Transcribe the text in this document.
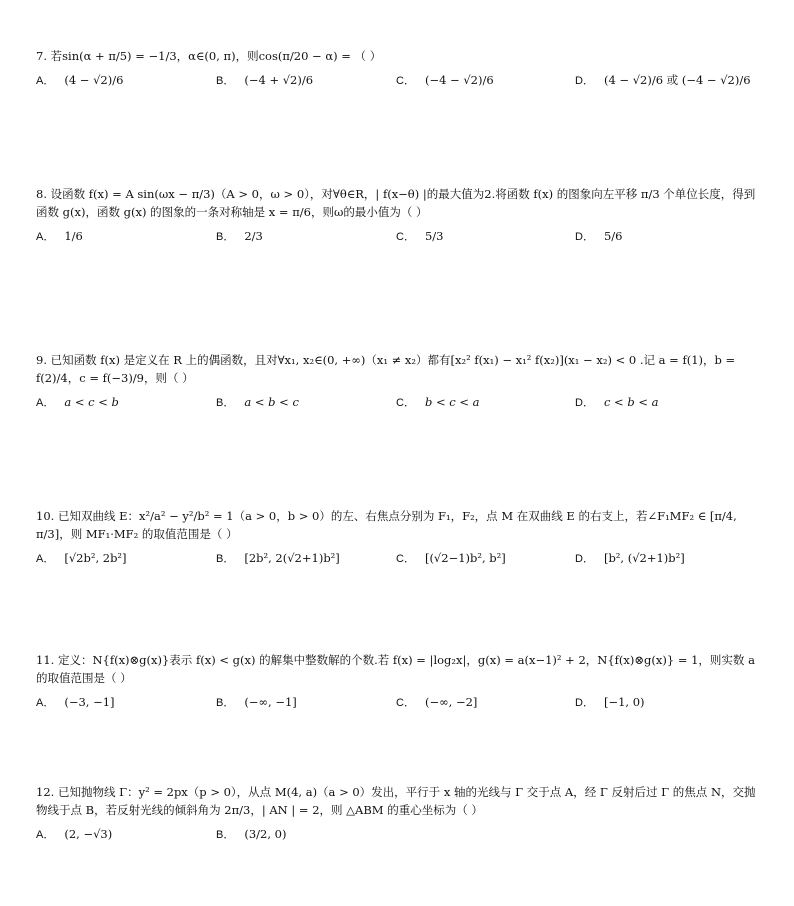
7. 若sin(α + π/5) = −1/3，α∈(0, π)，则cos(π/20 − α) = （ ）

A． (4 − √2)/6	B． (−4 + √2)/6	C． (−4 − √2)/6	D． (4 − √2)/6 或 (−4 − √2)/6

8. 设函数 f(x) = A sin(ωx − π/3)（A > 0，ω > 0），对∀θ∈R，| f(x−θ) |的最大值为2.将函数 f(x) 的图象向左平移 π/3 个单位长度，得到函数 g(x)，函数 g(x) 的图象的一条对称轴是 x = π/6，则ω的最小值为（ ）

A． 1/6	B． 2/3	C． 5/3	D． 5/6

9. 已知函数 f(x) 是定义在 R 上的偶函数，且对∀x₁, x₂∈(0, +∞)（x₁ ≠ x₂）都有[x₂² f(x₁) − x₁² f(x₂)](x₁ − x₂) < 0 .记 a = f(1)，b = f(2)/4，c = f(−3)/9，则（ ）

A． a < c < b	B． a < b < c	C． b < c < a	D． c < b < a

10. 已知双曲线 E：x²/a² − y²/b² = 1（a > 0，b > 0）的左、右焦点分别为 F₁，F₂，点 M 在双曲线 E 的右支上，若∠F₁MF₂ ∈ [π/4, π/3]，则 MF₁·MF₂ 的取值范围是（ ）

A． [√2b², 2b²]	B． [2b², 2(√2+1)b²]	C． [(√2−1)b², b²]	D． [b², (√2+1)b²]

11. 定义：N{f(x)⊗g(x)}表示 f(x) < g(x) 的解集中整数解的个数.若 f(x) = |log₂x|，g(x) = a(x−1)² + 2，N{f(x)⊗g(x)} = 1，则实数 a 的取值范围是（ ）

A． (−3, −1]	B． (−∞, −1]	C． (−∞, −2]	D． [−1, 0)

12. 已知抛物线 Γ：y² = 2px（p > 0），从点 M(4, a)（a > 0）发出，平行于 x 轴的光线与 Γ 交于点 A，经 Γ 反射后过 Γ 的焦点 N，交抛物线于点 B，若反射光线的倾斜角为 2π/3，| AN | = 2，则 △ABM 的重心坐标为（ ）

A． (2, −√3)	B． (3/2, 0)
